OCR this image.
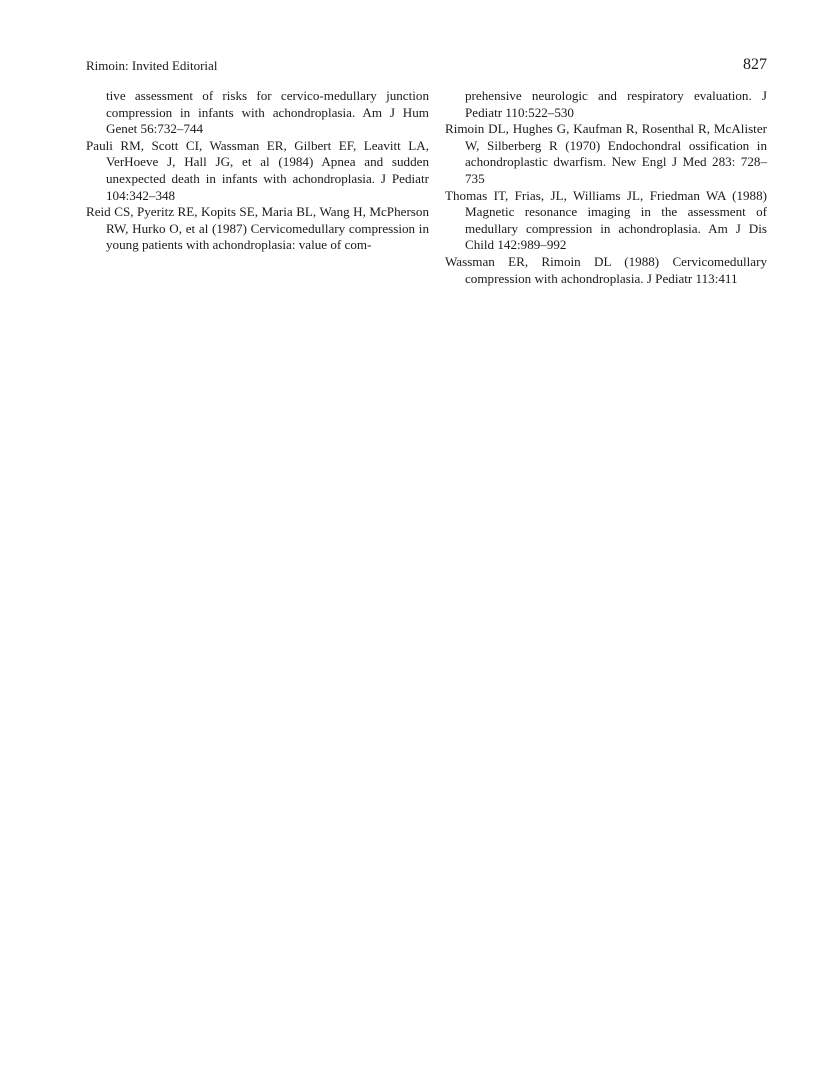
Rimoin: Invited Editorial	827

tive assessment of risks for cervico-medullary junction compression in infants with achondroplasia. Am J Hum Genet 56:732–744

Pauli RM, Scott CI, Wassman ER, Gilbert EF, Leavitt LA, VerHoeve J, Hall JG, et al (1984) Apnea and sudden unexpected death in infants with achondroplasia. J Pediatr 104:342–348

Reid CS, Pyeritz RE, Kopits SE, Maria BL, Wang H, McPherson RW, Hurko O, et al (1987) Cervicomedullary compression in young patients with achondroplasia: value of com-

prehensive neurologic and respiratory evaluation. J Pediatr 110:522–530

Rimoin DL, Hughes G, Kaufman R, Rosenthal R, McAlister W, Silberberg R (1970) Endochondral ossification in achondroplastic dwarfism. New Engl J Med 283: 728–735

Thomas IT, Frias, JL, Williams JL, Friedman WA (1988) Magnetic resonance imaging in the assessment of medullary compression in achondroplasia. Am J Dis Child 142:989–992

Wassman ER, Rimoin DL (1988) Cervicomedullary compression with achondroplasia. J Pediatr 113:411
